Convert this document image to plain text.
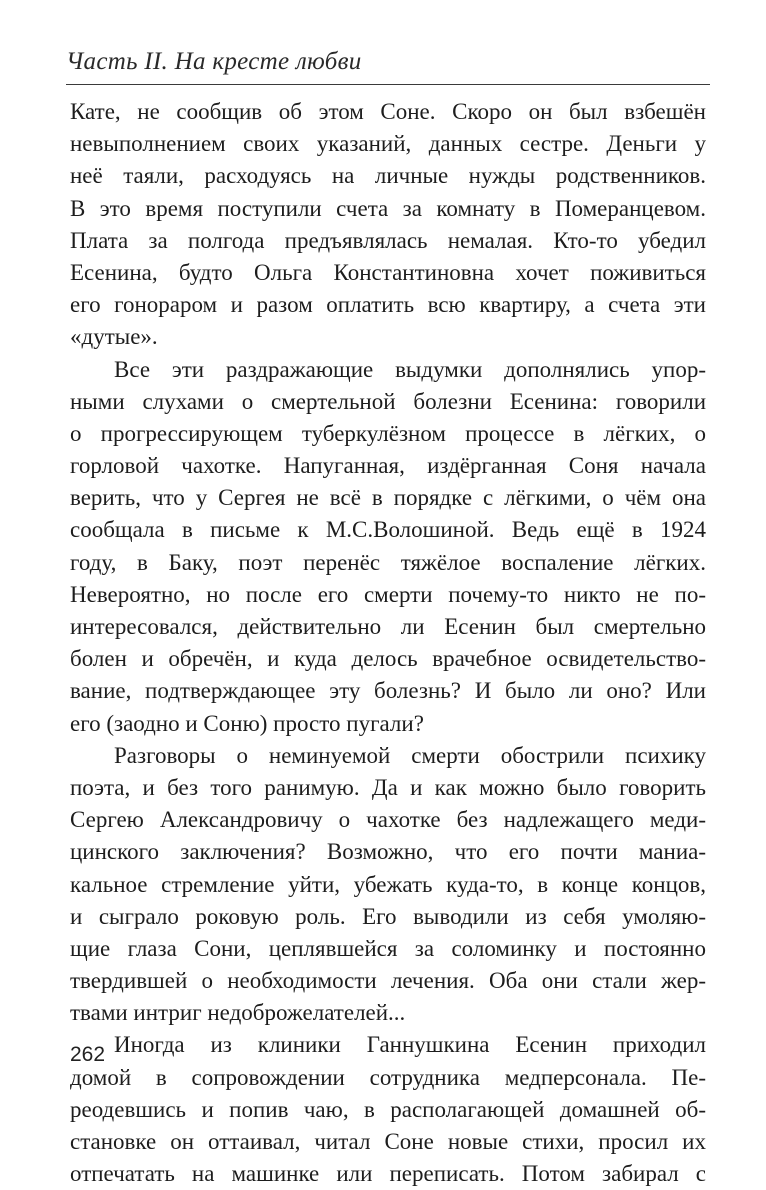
Часть II. На кресте любви
Кате, не сообщив об этом Соне. Скоро он был взбешён
невыполнением своих указаний, данных сестре. Деньги у
неё таяли, расходуясь на личные нужды родственников.
В это время поступили счета за комнату в Померанцевом.
Плата за полгода предъявлялась немалая. Кто-то убедил
Есенина, будто Ольга Константиновна хочет поживиться
его гонораром и разом оплатить всю квартиру, а счета эти
«дутые».
Все эти раздражающие выдумки дополнялись упор-
ными слухами о смертельной болезни Есенина: говорили
о прогрессирующем туберкулёзном процессе в лёгких, о
горловой чахотке. Напуганная, издёрганная Соня начала
верить, что у Сергея не всё в порядке с лёгкими, о чём она
сообщала в письме к М.С.Волошиной. Ведь ещё в 1924
году, в Баку, поэт перенёс тяжёлое воспаление лёгких.
Невероятно, но после его смерти почему-то никто не по-
интересовался, действительно ли Есенин был смертельно
болен и обречён, и куда делось врачебное освидетельство-
вание, подтверждающее эту болезнь? И было ли оно? Или
его (заодно и Соню) просто пугали?
Разговоры о неминуемой смерти обострили психику
поэта, и без того ранимую. Да и как можно было говорить
Сергею Александровичу о чахотке без надлежащего меди-
цинского заключения? Возможно, что его почти маниа-
кальное стремление уйти, убежать куда-то, в конце концов,
и сыграло роковую роль. Его выводили из себя умоляю-
щие глаза Сони, цеплявшейся за соломинку и постоянно
твердившей о необходимости лечения. Оба они стали жер-
твами интриг недоброжелателей...
Иногда из клиники Ганнушкина Есенин приходил
домой в сопровождении сотрудника медперсонала. Пе-
реодевшись и попив чаю, в располагающей домашней об-
становке он оттаивал, читал Соне новые стихи, просил их
отпечатать на машинке или переписать. Потом забирал с
262
